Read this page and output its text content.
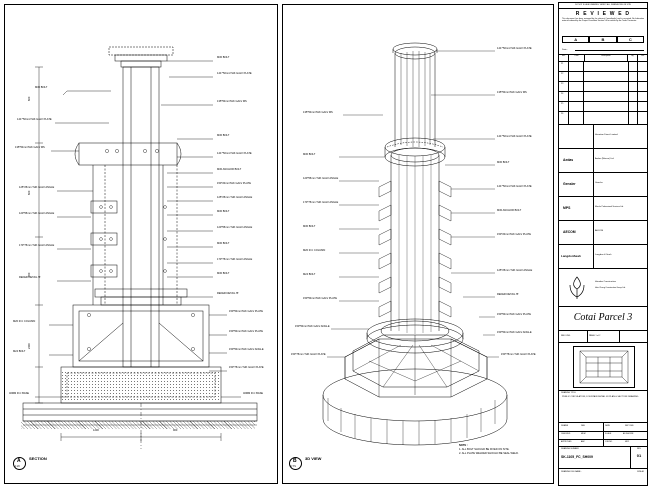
M30 BOLT
140 *50mmTHK GALV PLATE
135*50mmTHK GALV MS
125*25mm THK GALV ANGLE
120*55mm THK GALV ANGLE
170*75mm THK GALV ANGLE
REFER DETAIL 'B'
M20 R.C COLUMN
M24 BOLT
40MM R.C BASE
M30 BOLT
140 *50mmTHK GALV PLATE
135*50mmTHK GALV MS
M30 BOLT
140 *50mmTHK GALV PLATE
M30 ANCHOR BOLT
150*20mmTHK GALV PLATE
125*25mm THK GALV ANGLE
M30 BOLT
120*55mm THK GALV ANGLE
M30 BOLT
170*75mm THK GALV ANGLE
M30 BOLT
REFER DETAIL 'B'
150*50mmTHK GALV PLATE
150*50mmTHK GALV PLATE
150*50mmTHK GALV ANGLE
150*75mm THK GALV PLATE
40MM R.C BASE
600
600
450
2400
1200	900
A
1:20
SECTION
140 *50mmTHK GALV PLATE
135*50mmTHK GALV MS
140 *50mmTHK GALV PLATE
M30 BOLT
140 *50mmTHK GALV PLATE
M30 ANCHOR BOLT
150*20mmTHK GALV PLATE
125*25mm THK GALV ANGLE
REFER DETAIL 'B'
150*50mmTHK GALV PLATE
150*50mmTHK GALV ANGLE
150*75mm THK GALV PLATE
135*50mmTHK GALV MS
M30 BOLT
120*55mm THK GALV ANGLE
170*75mm THK GALV ANGLE
M30 BOLT
M20 R.C COLUMN
M24 BOLT
150*50mmTHK GALV PLATE
150*50mmTHK GALV ANGLE
150*75mm THK GALV PLATE
NOTE :
1. ALL BOLT SHOULD BE FIXED ON SITE.
2. ALL PLATE WELDED SHOULD BE SEAL WELD.
B
N.T.S
3D VIEW
DO NOT SCALE DRAWING. VERIFY ALL DIMENSIONS ON SITE
R E V I E W E D
This document has been reviewed by the relevant Consultant(s) and is accepted. No fabrication material ordered by the Project Procedure Section 5.4 be written by the Trade Contractor.
A	B	C
Date :
Rev	Date	Description	By	Chk
P1
P2
P3
P4
P5
P6
Hovatian Direct Limited
Aedas	Aedas (Macau) Ltd.
Gensler	Gensler
MPS	Marcks Professional Services Ltd.
AECOM	AECOM
LangdonSeah	Langdon & Seah
Hsinden Construction
Hsin Chong Construction Group Ltd.
Cotai Parcel 3
REF. DWG	PANEL 1 of 2
DRAWING TITLE
PUBLIC CIRCULATION, FOUNTAIN DETAIL 09 PLAN & SECTION DRAWING
DRAWN	DEE	DATE	SEP 2009
CHECKED	MKM	SCALE	AS SHOWN
APPROVED	ABC	JOB NO.	0812
DRAWING NUMBER
SK-1105_FC_SH009
REV
01
DRAWING FILE NAME :	SIZE A1
